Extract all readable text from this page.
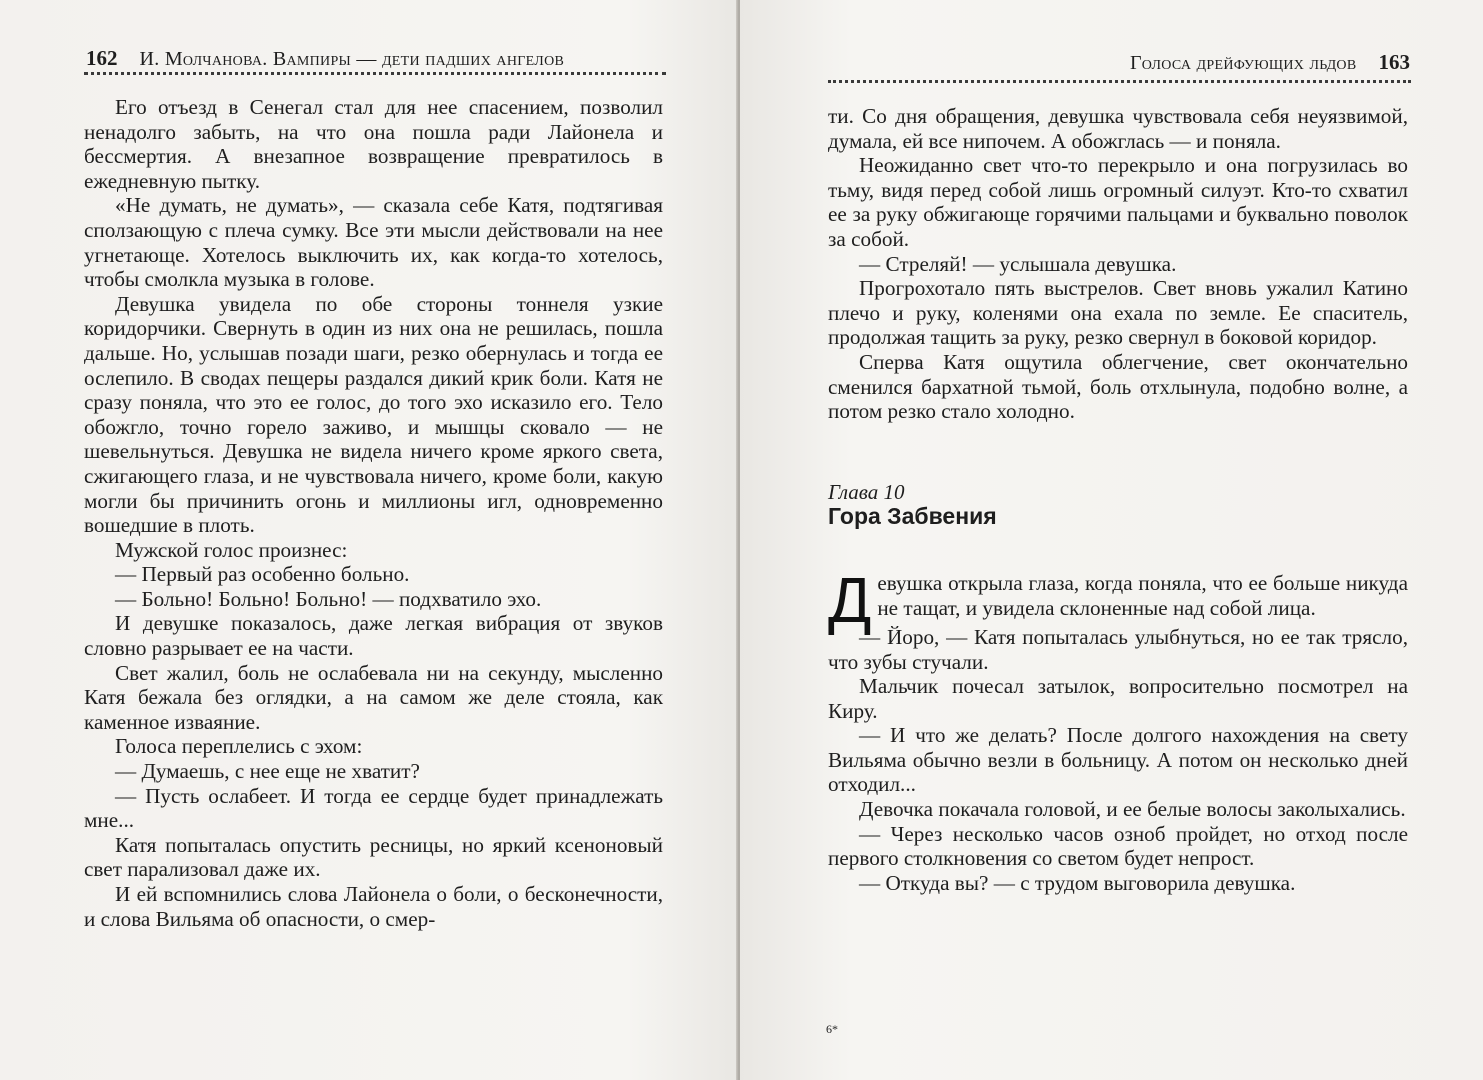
162 И. Молчанова. Вампиры — дети падших ангелов

Его отъезд в Сенегал стал для нее спасением, позволил ненадолго забыть, на что она пошла ради Лайонела и бессмертия. А внезапное возвращение превратилось в ежедневную пытку.

«Не думать, не думать», — сказала себе Катя, подтягивая сползающую с плеча сумку. Все эти мысли действовали на нее угнетающе. Хотелось выключить их, как когда-то хотелось, чтобы смолкла музыка в голове.

Девушка увидела по обе стороны тоннеля узкие коридорчики. Свернуть в один из них она не решилась, пошла дальше. Но, услышав позади шаги, резко обернулась и тогда ее ослепило. В сводах пещеры раздался дикий крик боли. Катя не сразу поняла, что это ее голос, до того эхо исказило его. Тело обожгло, точно горело заживо, и мышцы сковало — не шевельнуться. Девушка не видела ничего кроме яркого света, сжигающего глаза, и не чувствовала ничего, кроме боли, какую могли бы причинить огонь и миллионы игл, одновременно вошедшие в плоть.

Мужской голос произнес:

— Первый раз особенно больно.

— Больно! Больно! Больно! — подхватило эхо.

И девушке показалось, даже легкая вибрация от звуков словно разрывает ее на части.

Свет жалил, боль не ослабевала ни на секунду, мысленно Катя бежала без оглядки, а на самом же деле стояла, как каменное изваяние.

Голоса переплелись с эхом:

— Думаешь, с нее еще не хватит?

— Пусть ослабеет. И тогда ее сердце будет принадлежать мне...

Катя попыталась опустить ресницы, но яркий ксеноновый свет парализовал даже их.

И ей вспомнились слова Лайонела о боли, о бесконечности, и слова Вильяма об опасности, о смер-

Голоса дрейфующих льдов 163

ти. Со дня обращения, девушка чувствовала себя неуязвимой, думала, ей все нипочем. А обожглась — и поняла.

Неожиданно свет что-то перекрыло и она погрузилась во тьму, видя перед собой лишь огромный силуэт. Кто-то схватил ее за руку обжигающе горячими пальцами и буквально поволок за собой.

— Стреляй! — услышала девушка.

Прогрохотало пять выстрелов. Свет вновь ужалил Катино плечо и руку, коленями она ехала по земле. Ее спаситель, продолжая тащить за руку, резко свернул в боковой коридор.

Сперва Катя ощутила облегчение, свет окончательно сменился бархатной тьмой, боль отхлынула, подобно волне, а потом резко стало холодно.

Глава 10

Гора Забвения

Девушка открыла глаза, когда поняла, что ее больше никуда не тащат, и увидела склоненные над собой лица.

— Йоро, — Катя попыталась улыбнуться, но ее так трясло, что зубы стучали.

Мальчик почесал затылок, вопросительно посмотрел на Киру.

— И что же делать? После долгого нахождения на свету Вильяма обычно везли в больницу. А потом он несколько дней отходил...

Девочка покачала головой, и ее белые волосы заколыхались.

— Через несколько часов озноб пройдет, но отход после первого столкновения со светом будет непрост.

— Откуда вы? — с трудом выговорила девушка.

6*
